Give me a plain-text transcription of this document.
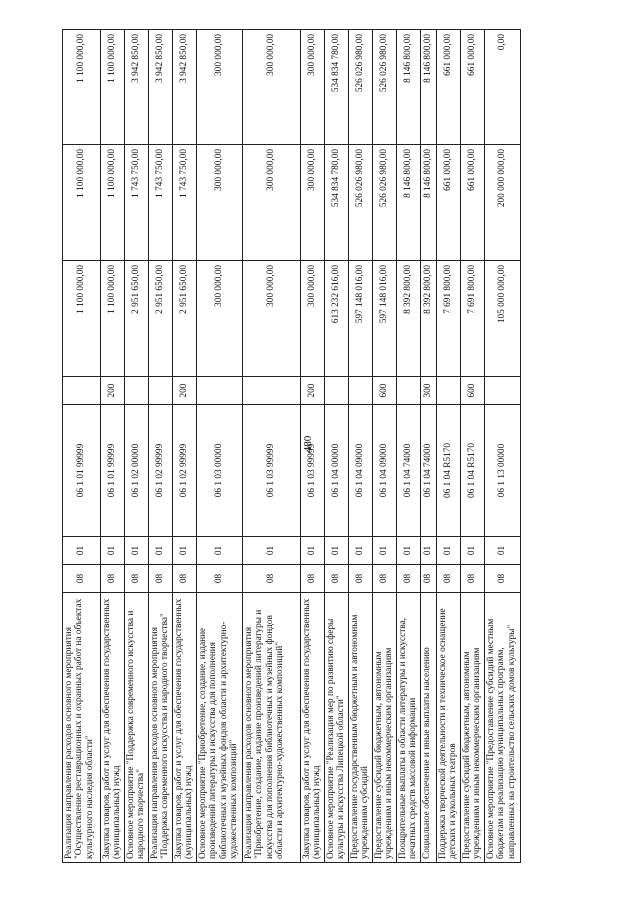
480
Реализация направления расходов основного мероприятия "Осуществление реставрационных и охранных работ на объектах культурного наследия области"	08	01	06 1 01 99999		1 100 000,00	1 100 000,00	1 100 000,00
Закупка товаров, работ и услуг для обеспечения государственных (муниципальных) нужд	08	01	06 1 01 99999	200	1 100 000,00	1 100 000,00	1 100 000,00
Основное мероприятие "Поддержка современного искусства и народного творчества"	08	01	06 1 02 00000		2 951 650,00	1 743 750,00	3 942 850,00
Реализация направления расходов основного мероприятия "Поддержка современного искусства и народного творчества"	08	01	06 1 02 99999		2 951 650,00	1 743 750,00	3 942 850,00
Закупка товаров, работ и услуг для обеспечения государственных (муниципальных) нужд	08	01	06 1 02 99999	200	2 951 650,00	1 743 750,00	3 942 850,00
Основное мероприятие "Приобретение, создание, издание произведений литературы и искусства для пополнения библиотечных и музейных фондов области и архитектурно-художественных композиций"	08	01	06 1 03 00000		300 000,00	300 000,00	300 000,00
Реализация направления расходов основного мероприятия "Приобретение, создание, издание произведений литературы и искусства для пополнения библиотечных и музейных фондов области и архитектурно-художественных композиций"	08	01	06 1 03 99999		300 000,00	300 000,00	300 000,00
Закупка товаров, работ и услуг для обеспечения государственных (муниципальных) нужд	08	01	06 1 03 99999	200	300 000,00	300 000,00	300 000,00
Основное мероприятие "Реализация мер по развитию сферы культуры и искусства Липецкой области"	08	01	06 1 04 00000		613 232 616,00	534 834 780,00	534 834 780,00
Предоставление государственным бюджетным и автономным учреждениям субсидий	08	01	06 1 04 09000		597 148 016,00	526 026 980,00	526 026 980,00
Предоставление субсидий бюджетным, автономным учреждениям и иным некоммерческим организациям	08	01	06 1 04 09000	600	597 148 016,00	526 026 980,00	526 026 980,00
Поощрительные выплаты в области литературы и искусства, печатных средств массовой информации	08	01	06 1 04 74000		8 392 800,00	8 146 800,00	8 146 800,00
Социальное обеспечение и иные выплаты населению	08	01	06 1 04 74000	300	8 392 800,00	8 146 800,00	8 146 800,00
Поддержка творческой деятельности и техническое оснащение детских и кукольных театров	08	01	06 1 04 R5170		7 691 800,00	661 000,00	661 000,00
Предоставление субсидий бюджетным, автономным учреждениям и иным некоммерческим организациям	08	01	06 1 04 R5170	600	7 691 800,00	661 000,00	661 000,00
Основное мероприятие "Предоставление субсидий местным бюджетам на реализацию муниципальных программ, направленных на строительство сельских домов культуры"	08	01	06 1 13 00000		105 000 000,00	200 000 000,00	0,00
